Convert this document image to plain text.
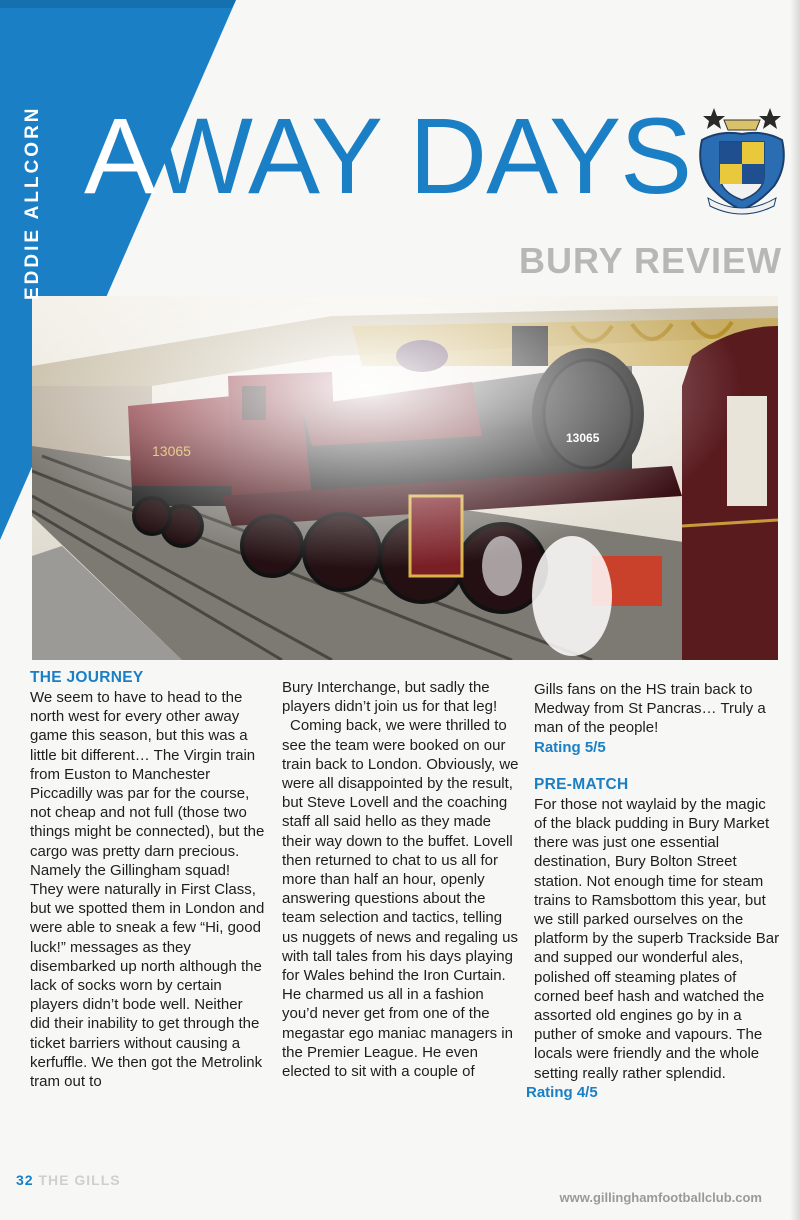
EDDIE ALLCORN AWAY DAYS
BURY REVIEW

THE JOURNEY

We seem to have to head to the north west for every other away game this season, but this was a little bit different… The Virgin train from Euston to Manchester Piccadilly was par for the course, not cheap and not full (those two things might be connected), but the cargo was pretty darn precious. Namely the Gillingham squad! They were naturally in First Class, but we spotted them in London and were able to sneak a few “Hi, good luck!” messages as they disembarked up north although the lack of socks worn by certain players didn’t bode well. Neither did their inability to get through the ticket barriers without causing a kerfuffle. We then got the Metrolink tram out to

Bury Interchange, but sadly the players didn’t join us for that leg!

Coming back, we were thrilled to see the team were booked on our train back to London. Obviously, we were all disappointed by the result, but Steve Lovell and the coaching staff all said hello as they made their way down to the buffet. Lovell then returned to chat to us all for more than half an hour, openly answering questions about the team selection and tactics, telling us nuggets of news and regaling us with tall tales from his days playing for Wales behind the Iron Curtain. He charmed us all in a fashion you’d never get from one of the megastar ego maniac managers in the Premier League. He even elected to sit with a couple of

Gills fans on the HS train back to Medway from St Pancras… Truly a man of the people!

Rating 5/5

PRE-MATCH

For those not waylaid by the magic of the black pudding in Bury Market there was just one essential destination, Bury Bolton Street station. Not enough time for steam trains to Ramsbottom this year, but we still parked ourselves on the platform by the superb Trackside Bar and supped our wonderful ales, polished off steaming plates of corned beef hash and watched the assorted old engines go by in a puther of smoke and vapours. The locals were friendly and the whole setting really rather splendid.

Rating 4/5

32 THE GILLS
www.gillinghamfootballclub.com
